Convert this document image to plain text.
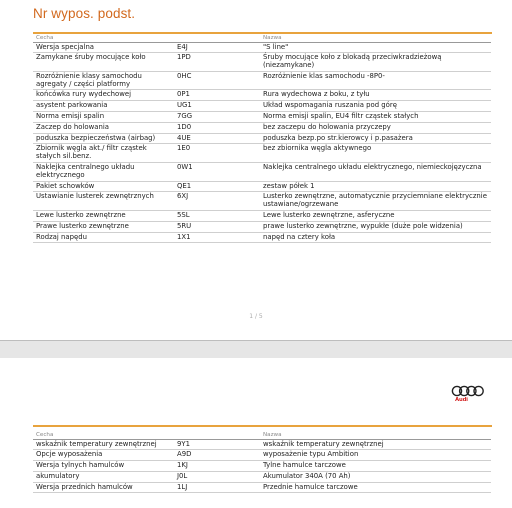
Nr wypos. podst.
1 / 5
Cecha		Nazwa
Wersja specjalna	E4J	"S line"
Zamykane śruby mocujące koło	1PD	Śruby mocujące koło z blokadą przeciwkradzieżową (niezamykane)
Rozróżnienie klasy samochodu agregaty / części platformy	0HC	Rozróżnienie klas samochodu -8P0-
końcówka rury wydechowej	0P1	Rura wydechowa z boku, z tyłu
asystent parkowania	UG1	Układ wspomagania ruszania pod górę
Norma emisji spalin	7GG	Norma emisji spalin, EU4 filtr cząstek stałych
Zaczep do holowania	1D0	bez zaczepu do holowania przyczepy
poduszka bezpieczeństwa (airbag)	4UE	poduszka bezp.po str.kierowcy i p.pasażera
Zbiornik węgla akt./ filtr cząstek stałych sil.benz.	1E0	bez zbiornika węgla aktywnego
Naklejka centralnego układu elektrycznego	0W1	Naklejka centralnego układu elektrycznego, niemieckojęzyczna
Pakiet schowków	QE1	zestaw półek 1
Ustawianie lusterek zewnętrznych	6XJ	Lusterko zewnętrzne, automatycznie przyciemniane elektrycznie ustawiane/ogrzewane
Lewe lusterko zewnętrzne	5SL	Lewe lusterko zewnętrzne, asferyczne
Prawe lusterko zewnętrzne	5RU	prawe lusterko zewnętrzne, wypukłe (duże pole widzenia)
Rodzaj napędu	1X1	napęd na cztery koła
Audi
Cecha		Nazwa
wskaźnik temperatury zewnętrznej	9Y1	wskaźnik temperatury zewnętrznej
Opcje wyposażenia	A9D	wyposażenie typu Ambition
Wersja tylnych hamulców	1KJ	Tylne hamulce tarczowe
akumulatory	J0L	Akumulator 340A (70 Ah)
Wersja przednich hamulców	1LJ	Przednie hamulce tarczowe
